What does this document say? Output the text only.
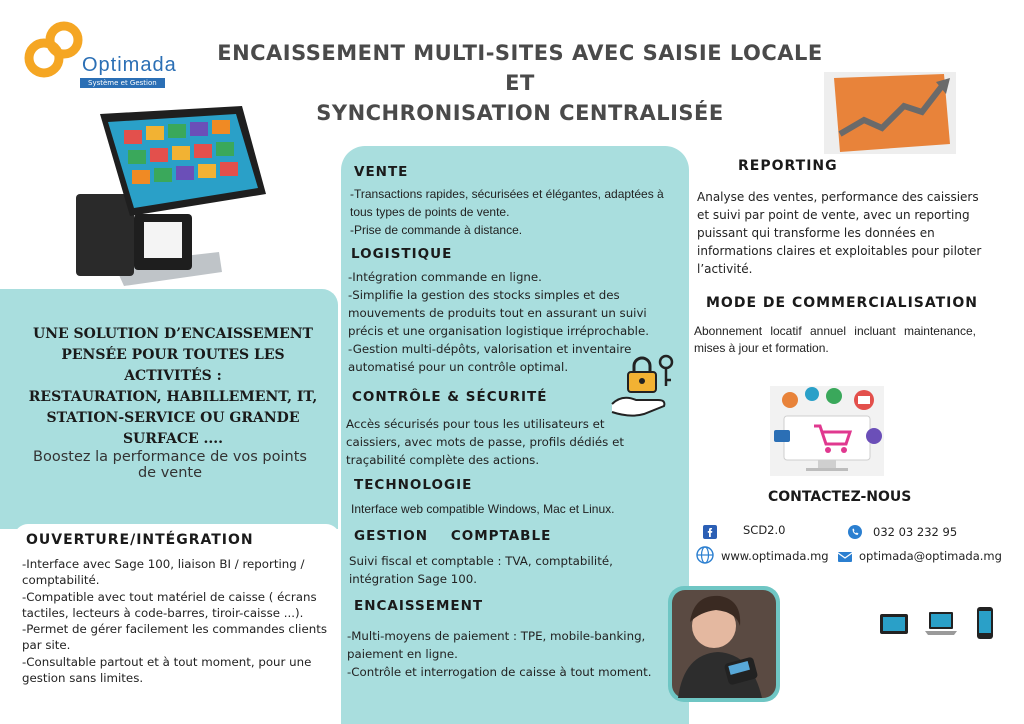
Optimada
Système et Gestion
ENCAISSEMENT MULTI-SITES AVEC SAISIE LOCALE ET
SYNCHRONISATION CENTRALISÉE
UNE SOLUTION D’ENCAISSEMENT
PENSÉE POUR TOUTES LES ACTIVITÉS :
RESTAURATION, HABILLEMENT, IT,
STATION-SERVICE OU GRANDE
SURFACE ....
Boostez la performance de vos points
de vente
OUVERTURE/INTÉGRATION

-Interface avec Sage 100, liaison BI / reporting / comptabilité.

-Compatible avec tout matériel de caisse ( écrans tactiles, lecteurs à code-barres, tiroir-caisse ...).

-Permet de gérer facilement les commandes clients par site.

-Consultable partout et à tout moment, pour une gestion sans limites.

VENTE

-Transactions rapides, sécurisées et élégantes, adaptées à tous types de points de vente.

-Prise de commande à distance.

LOGISTIQUE

-Intégration commande en ligne.

-Simplifie la gestion des stocks simples et des mouvements de produits tout en assurant un suivi précis et une organisation logistique irréprochable.

-Gestion multi-dépôts, valorisation et inventaire automatisé pour un contrôle optimal.

CONTRÔLE & SÉCURITÉ
Accès sécurisés pour tous les utilisateurs et caissiers, avec mots de passe, profils dédiés et traçabilité complète des actions.
TECHNOLOGIE
Interface web compatible Windows, Mac et Linux.
GESTION COMPTABLE
Suivi fiscal et comptable : TVA, comptabilité, intégration Sage 100.
ENCAISSEMENT

-Multi-moyens de paiement : TPE, mobile-banking, paiement en ligne.

-Contrôle et interrogation de caisse à tout moment.

REPORTING
Analyse des ventes, performance des caissiers et suivi par point de vente, avec un reporting puissant qui transforme les données en informations claires et exploitables pour piloter l’activité.
MODE DE COMMERCIALISATION
Abonnement locatif annuel incluant maintenance, mises à jour et formation.
CONTACTEZ-NOUS
SCD2.0	032 03 232 95
www.optimada.mg	optimada@optimada.mg
